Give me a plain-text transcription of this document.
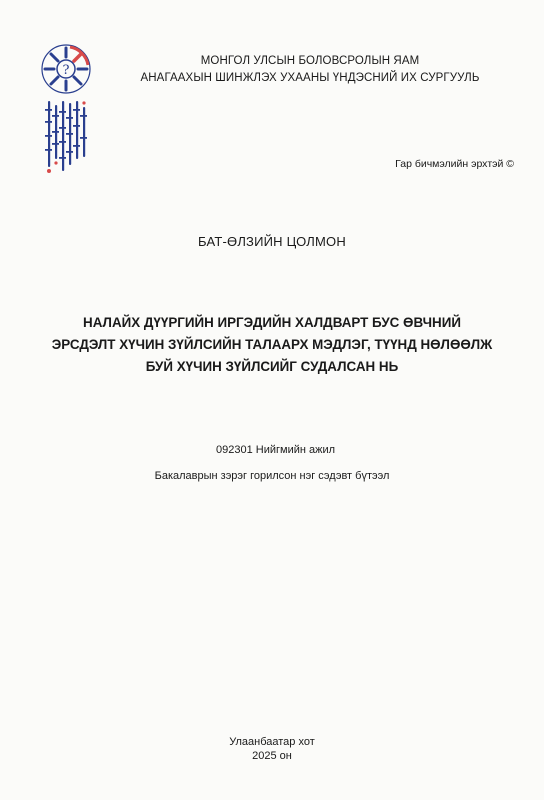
?
МОНГОЛ УЛСЫН БОЛОВСРОЛЫН ЯАМ
АНАГААХЫН ШИНЖЛЭХ УХААНЫ ҮНДЭСНИЙ ИХ СУРГУУЛЬ
Гар бичмэлийн эрхтэй ©
БАТ-ӨЛЗИЙН ЦОЛМОН
НАЛАЙХ ДҮҮРГИЙН ИРГЭДИЙН ХАЛДВАРТ БУС ӨВЧНИЙ
ЭРСДЭЛТ ХҮЧИН ЗҮЙЛСИЙН ТАЛААРХ МЭДЛЭГ, ТҮҮНД НӨЛӨӨЛЖ
БУЙ ХҮЧИН ЗҮЙЛСИЙГ СУДАЛСАН НЬ
092301 Нийгмийн ажил
Бакалаврын зэрэг горилсон нэг сэдэвт бүтээл
Улаанбаатар хот
2025 он
